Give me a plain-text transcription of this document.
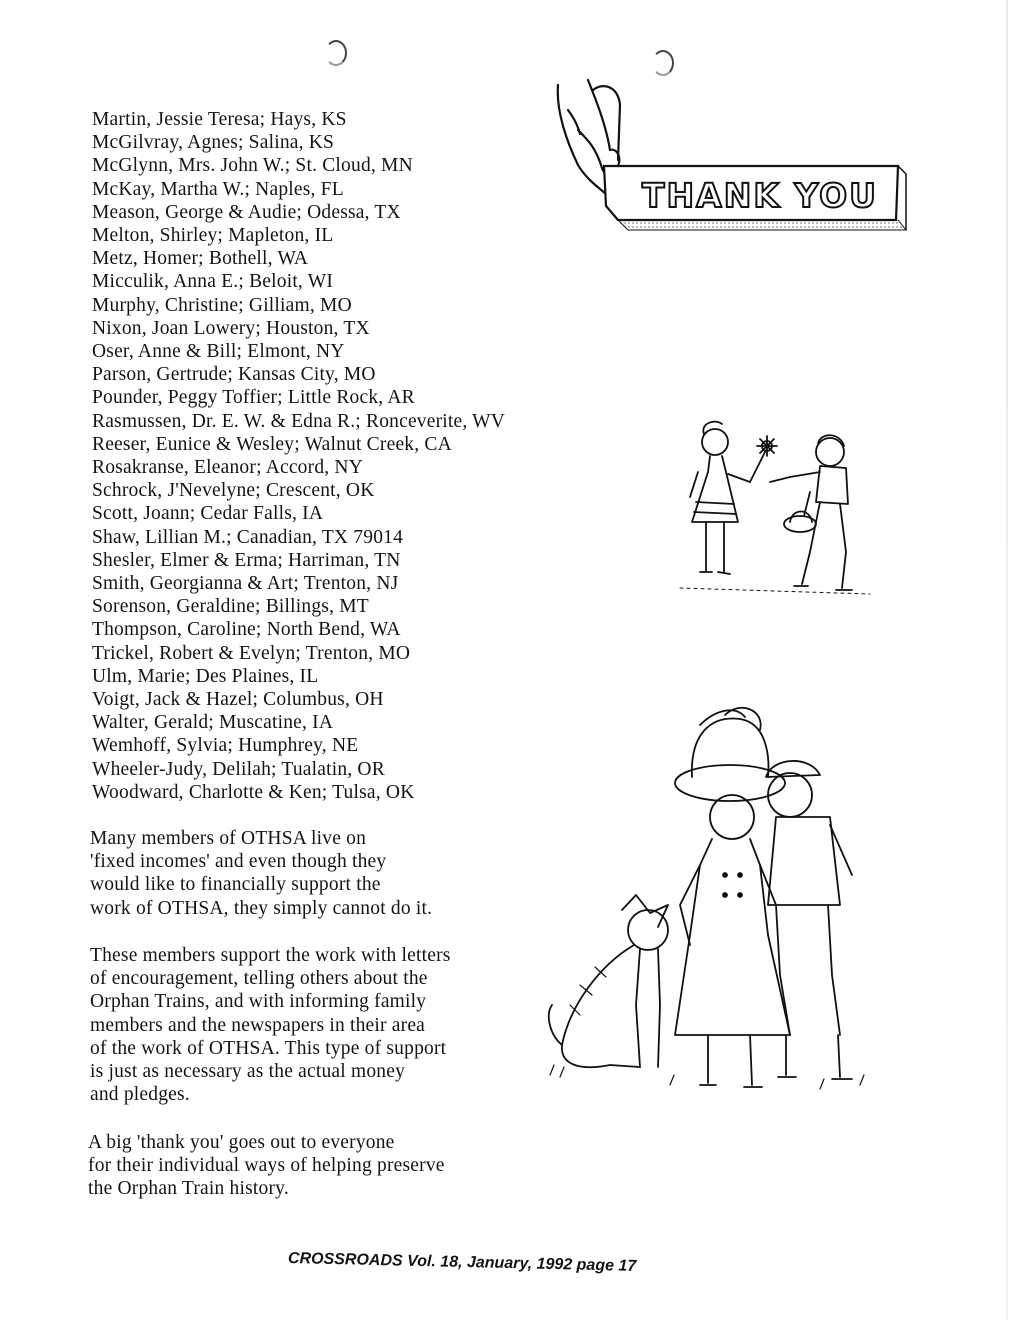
Martin, Jessie Teresa; Hays, KS
McGilvray, Agnes; Salina, KS
McGlynn, Mrs. John W.; St. Cloud, MN
McKay, Martha W.; Naples, FL
Meason, George & Audie; Odessa, TX
Melton, Shirley; Mapleton, IL
Metz, Homer; Bothell, WA
Micculik, Anna E.; Beloit, WI
Murphy, Christine; Gilliam, MO
Nixon, Joan Lowery; Houston, TX
Oser, Anne & Bill; Elmont, NY
Parson, Gertrude; Kansas City, MO
Pounder, Peggy Toffier; Little Rock, AR
Rasmussen, Dr. E. W. & Edna R.; Ronceverite, WV
Reeser, Eunice & Wesley; Walnut Creek, CA
Rosakranse, Eleanor; Accord, NY
Schrock, J'Nevelyne; Crescent, OK
Scott, Joann; Cedar Falls, IA
Shaw, Lillian M.; Canadian, TX 79014
Shesler, Elmer & Erma; Harriman, TN
Smith, Georgianna & Art; Trenton, NJ
Sorenson, Geraldine; Billings, MT
Thompson, Caroline; North Bend, WA
Trickel, Robert & Evelyn; Trenton, MO
Ulm, Marie; Des Plaines, IL
Voigt, Jack & Hazel; Columbus, OH
Walter, Gerald; Muscatine, IA
Wemhoff, Sylvia; Humphrey, NE
Wheeler-Judy, Delilah; Tualatin, OR
Woodward, Charlotte & Ken; Tulsa, OK

Many members of OTHSA live on
'fixed incomes' and even though they
would like to financially support the
work of OTHSA, they simply cannot do it.

These members support the work with letters
of encouragement, telling others about the
Orphan Trains, and with informing family
members and the newspapers in their area
of the work of OTHSA. This type of support
is just as necessary as the actual money
and pledges.

A big 'thank you' goes out to everyone
for their individual ways of helping preserve
the Orphan Train history.

CROSSROADS Vol. 18, January, 1992 page 17
THANK YOU
